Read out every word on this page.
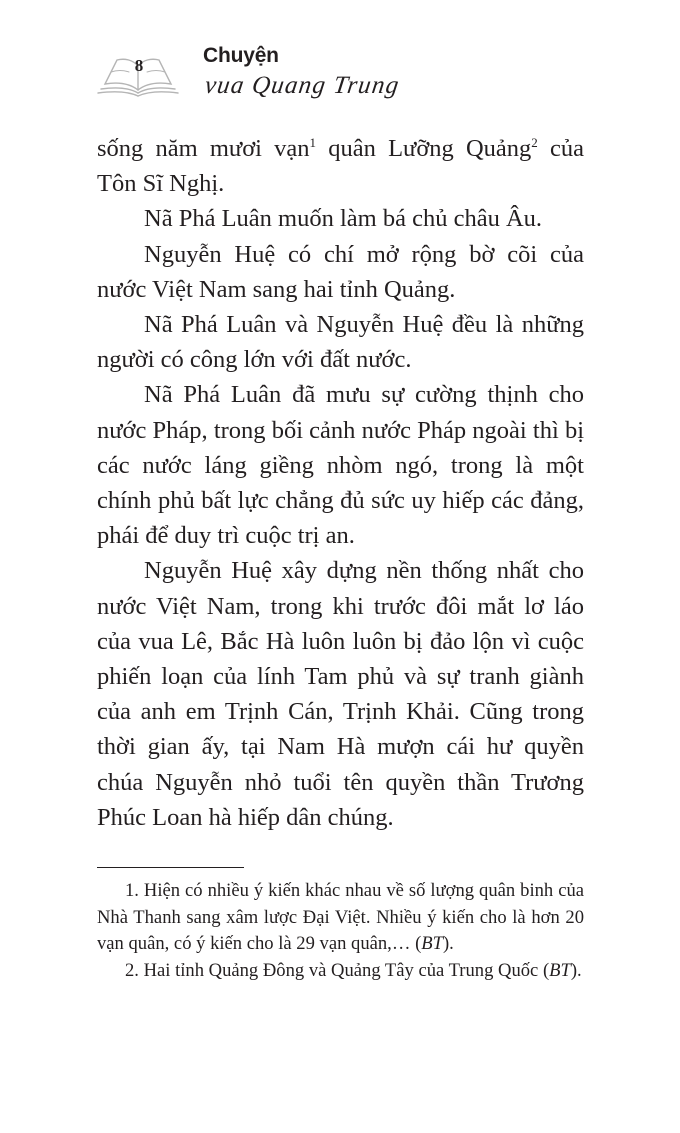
8	Chuyện
vua Quang Trung

sống năm mươi vạn$^1$ quân Lưỡng Quảng$^2$ của Tôn Sĩ Nghị.

Nã Phá Luân muốn làm bá chủ châu Âu.

Nguyễn Huệ có chí mở rộng bờ cõi của nước Việt Nam sang hai tỉnh Quảng.

Nã Phá Luân và Nguyễn Huệ đều là những người có công lớn với đất nước.

Nã Phá Luân đã mưu sự cường thịnh cho nước Pháp, trong bối cảnh nước Pháp ngoài thì bị các nước láng giềng nhòm ngó, trong là một chính phủ bất lực chẳng đủ sức uy hiếp các đảng, phái để duy trì cuộc trị an.

Nguyễn Huệ xây dựng nền thống nhất cho nước Việt Nam, trong khi trước đôi mắt lơ láo của vua Lê, Bắc Hà luôn luôn bị đảo lộn vì cuộc phiến loạn của lính Tam phủ và sự tranh giành của anh em Trịnh Cán, Trịnh Khải. Cũng trong thời gian ấy, tại Nam Hà mượn cái hư quyền chúa Nguyễn nhỏ tuổi tên quyền thần Trương Phúc Loan hà hiếp dân chúng.

1. Hiện có nhiều ý kiến khác nhau về số lượng quân binh của Nhà Thanh sang xâm lược Đại Việt. Nhiều ý kiến cho là hơn 20 vạn quân, có ý kiến cho là 29 vạn quân,… (BT).

2. Hai tỉnh Quảng Đông và Quảng Tây của Trung Quốc (BT).
